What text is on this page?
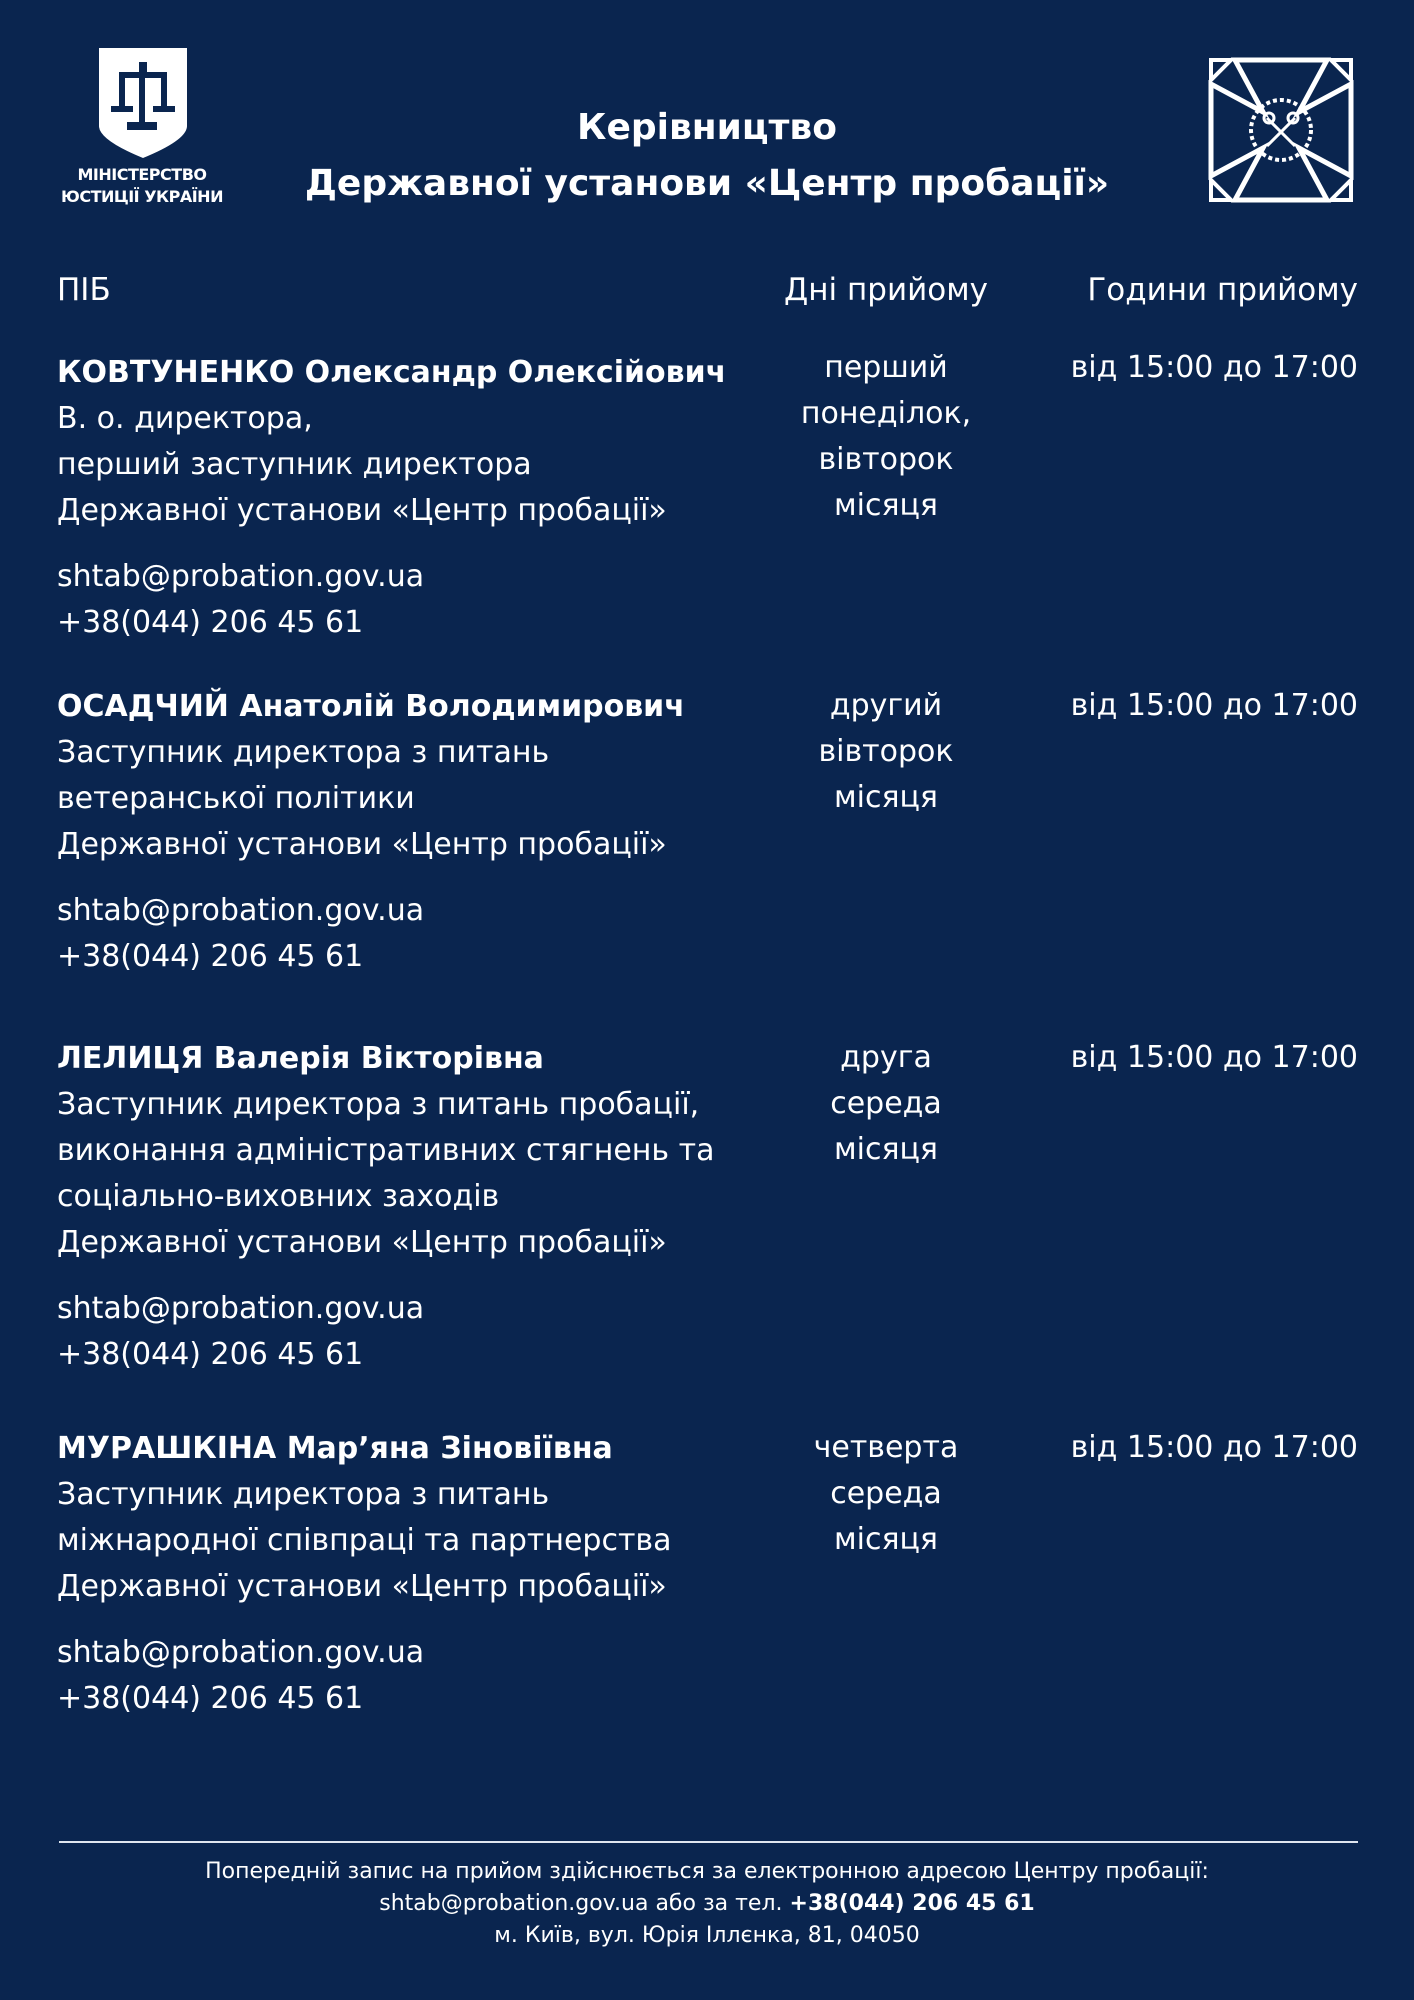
МІНІСТЕРСТВО
ЮСТИЦІЇ УКРАЇНИ
Керівництво
Державної установи «Центр пробації»
ПІБ	Дні прийому	Години прийому
КОВТУНЕНКО Олександр Олексійович
В. о. директора,
перший заступник директора
Державної установи «Центр пробації»
shtab@probation.gov.ua
+38(044) 206 45 61
перший
понеділок,
вівторок
місяця
від 15:00 до 17:00
ОСАДЧИЙ Анатолій Володимирович
Заступник директора з питань
ветеранської політики
Державної установи «Центр пробації»
shtab@probation.gov.ua
+38(044) 206 45 61
другий
вівторок
місяця
від 15:00 до 17:00
ЛЕЛИЦЯ Валерія Вікторівна
Заступник директора з питань пробації,
виконання адміністративних стягнень та
соціально-виховних заходів
Державної установи «Центр пробації»
shtab@probation.gov.ua
+38(044) 206 45 61
друга
середа
місяця
від 15:00 до 17:00
МУРАШКІНА Мар’яна Зіновіївна
Заступник директора з питань
міжнародної співпраці та партнерства
Державної установи «Центр пробації»
shtab@probation.gov.ua
+38(044) 206 45 61
четверта
середа
місяця
від 15:00 до 17:00
Попередній запис на прийом здійснюється за електронною адресою Центру пробації:
shtab@probation.gov.ua або за тел. +38(044) 206 45 61
м. Київ, вул. Юрія Іллєнка, 81, 04050
